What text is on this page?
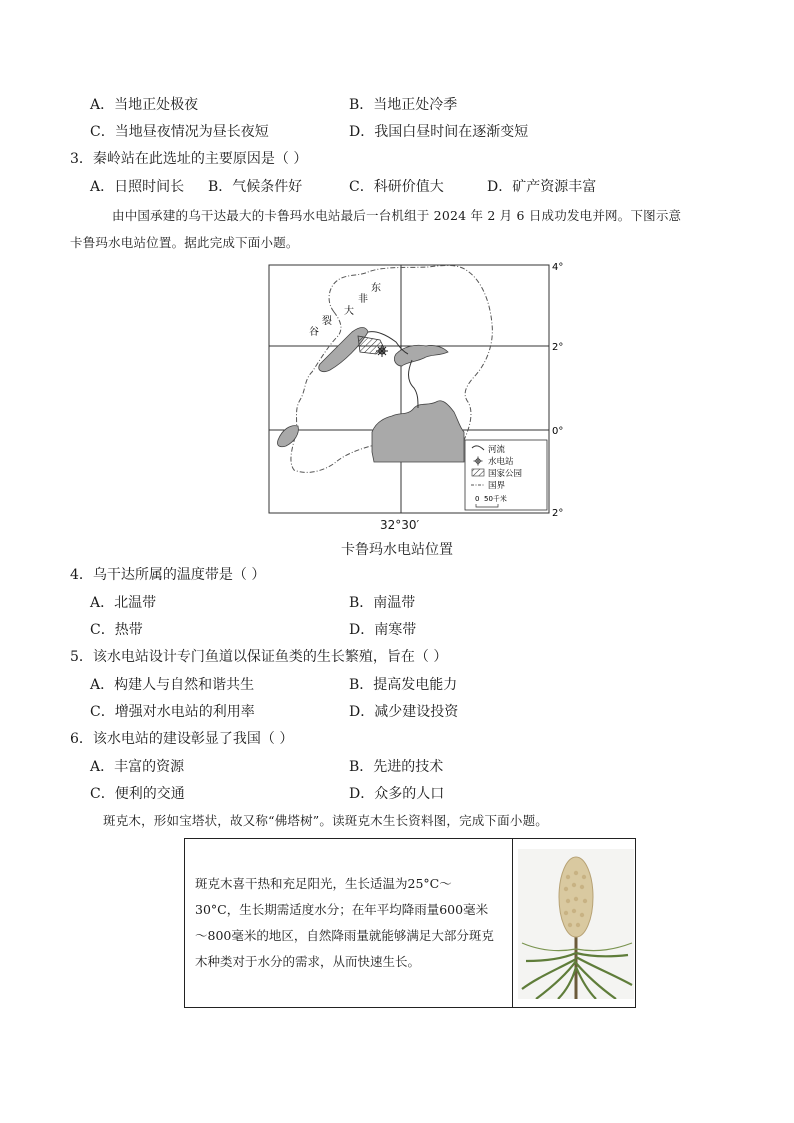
A．当地正处极夜	B．当地正处冷季
C．当地昼夜情况为昼长夜短	D．我国白昼时间在逐渐变短
3．秦岭站在此选址的主要原因是（ ）
A．日照时间长 B．气候条件好	C．科研价值大	D．矿产资源丰富
由中国承建的乌干达最大的卡鲁玛水电站最后一台机组于 2024 年 2 月 6 日成功发电并网。下图示意
卡鲁玛水电站位置。据此完成下面小题。
东
非
大
裂
谷
4°
2°
0°
2°
河流
水电站
国家公园
国界
0 50千米
32°30′
卡鲁玛水电站位置
4．乌干达所属的温度带是（ ）
A．北温带	B．南温带
C．热带	D．南寒带
5．该水电站设计专门鱼道以保证鱼类的生长繁殖，旨在（ ）
A．构建人与自然和谐共生	B．提高发电能力
C．增强对水电站的利用率	D．减少建设投资
6．该水电站的建设彰显了我国（ ）
A．丰富的资源	B．先进的技术
C．便利的交通	D．众多的人口
斑克木，形如宝塔状，故又称“佛塔树”。读斑克木生长资料图，完成下面小题。
斑克木喜干热和充足阳光，生长适温为25°C～30°C，生长期需适度水分；在年平均降雨量600毫米～800毫米的地区，自然降雨量就能够满足大部分斑克木种类对于水分的需求，从而快速生长。
